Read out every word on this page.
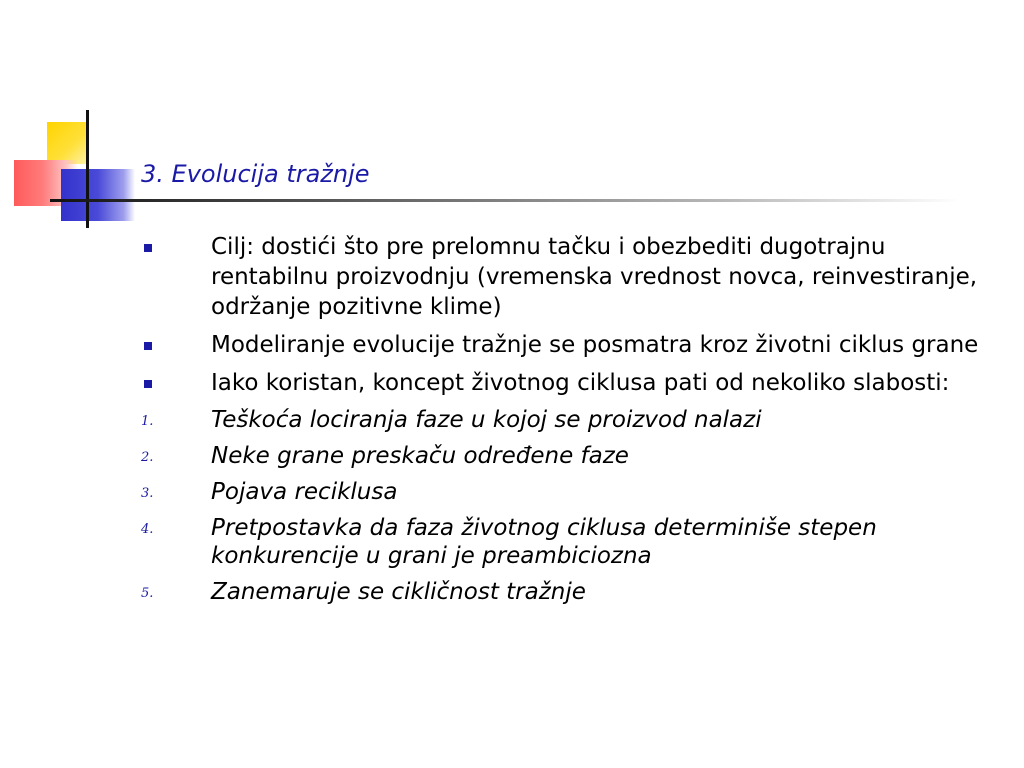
3. Evolucija tražnje
Cilj: dostići što pre prelomnu tačku i obezbediti dugotrajnu rentabilnu proizvodnju (vremenska vrednost novca, reinvestiranje, održanje pozitivne klime)
Modeliranje evolucije tražnje se posmatra kroz životni ciklus grane
Iako koristan, koncept životnog ciklusa pati od nekoliko slabosti:
1.	Teškoća lociranja faze u kojoj se proizvod nalazi
2.	Neke grane preskaču određene faze
3.	Pojava reciklusa
4.	Pretpostavka da faza životnog ciklusa determiniše stepen konkurencije u grani je preambiciozna
5.	Zanemaruje se cikličnost tražnje
